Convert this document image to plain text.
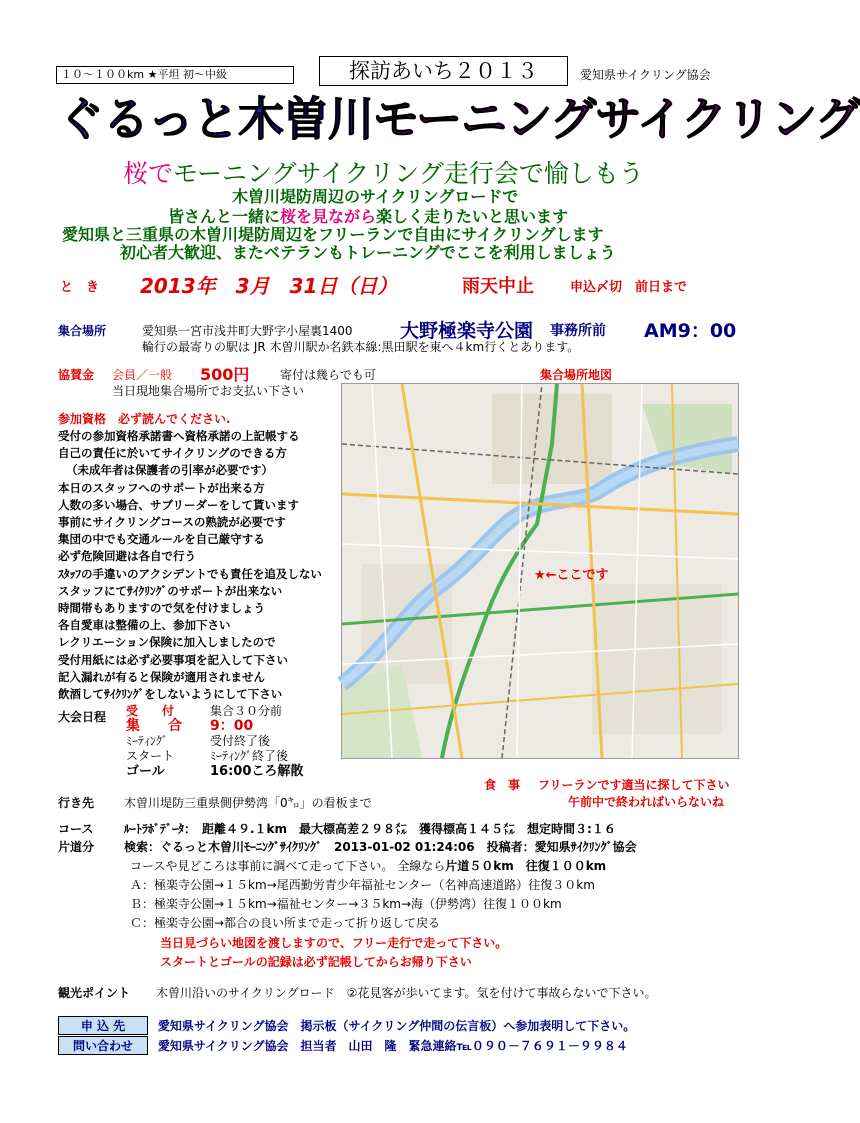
１０～１００km ★平坦 初～中級	探訪あいち２０１３	愛知県サイクリング協会
ぐるっと木曽川モーニングサイクリング
桜でモーニングサイクリング走行会で愉しもう
木曽川堤防周辺のサイクリングロードで
皆さんと一緒に桜を見ながら楽しく走りたいと思います
愛知県と三重県の木曽川堤防周辺をフリーランで自由にサイクリングします
初心者大歓迎、またベテランもトレーニングでここを利用しましょう
と　き 2013年　3月　31日（日）	雨天中止	申込〆切　前日まで
集合場所	愛知県一宮市浅井町大野字小屋裏1400 大野極楽寺公園 事務所前 AM9：00
輪行の最寄りの駅は JR 木曽川駅か名鉄本線:黒田駅を東へ４km行くとあります。
協賛金 会員／一般 500円	寄付は幾らでも可
当日現地集合場所でお支払い下さい
集合場所地図
★←ここです
参加資格　 必ず読んでください.
受付の参加資格承諾書へ資格承諾の上記帳する
自己の責任に於いてサイクリングのできる方
（未成年者は保護者の引率が必要です）
本日のスタッフへのサポートが出来る方
人数の多い場合、サブリーダーをして貰います
事前にサイクリングコースの熟読が必要です
集団の中でも交通ルールを自己厳守する
必ず危険回避は各自で行う
ｽﾀｯﾌの手違いのアクシデントでも責任を追及しない
スタッフにてｻｲｸﾘﾝｸﾞのサポートが出来ない
時間帯もありますので気を付けましょう
各自愛車は整備の上、参加下さい
レクリエーション保険に加入しましたので
受付用紙には必ず必要事項を記入して下さい
記入漏れが有ると保険が適用されません
飲酒してｻｲｸﾘﾝｸﾞをしないようにして下さい
大会日程 受　　付	集合３０分前
集　　合 9：00
ﾐｰﾃｨﾝｸﾞ	受付終了後
スタート	ﾐｰﾃｨﾝｸﾞ終了後
ゴール	16:00ころ解散
食　事 フリーランです適当に探して下さい
午前中で終わればいらないね
行き先 木曽川堤防三重県側伊勢湾「0㌔」の看板まで
コース	ﾙｰﾄﾗﾎﾞﾃﾞｰﾀ：　距離４９.１km　最大標高差２９８㍍　獲得標高１４５㍍　想定時間３:１６
片道分 検索：ぐるっと木曽川ﾓｰﾆﾝｸﾞｻｲｸﾘﾝｸﾞ　2013-01-02 01:24:06　投稿者：愛知県ｻｲｸﾘﾝｸﾞ協会
コースや見どころは事前に調べて走って下さい。 全線なら片道５０km　往復１００km
Ａ：極楽寺公園→１５km→尾西勤労青少年福祉センター（名神高速道路）往復３０km
Ｂ：極楽寺公園→１５km→福祉センター→３５km→海（伊勢湾）往復１００km
Ｃ：極楽寺公園→都合の良い所まで走って折り返して戻る
当日見づらい地図を渡しますので、フリー走行で走って下さい。
スタートとゴールの記録は必ず記帳してからお帰り下さい
観光ポイント 木曽川沿いのサイクリングロード　②花見客が歩いてます。気を付けて事故らないで下さい。
申 込 先	愛知県サイクリング協会　掲示板（サイクリング仲間の伝言板）へ参加表明して下さい。
問い合わせ 愛知県サイクリング協会　担当者　山田　隆　緊急連絡℡０９０－７６９１－９９８４
